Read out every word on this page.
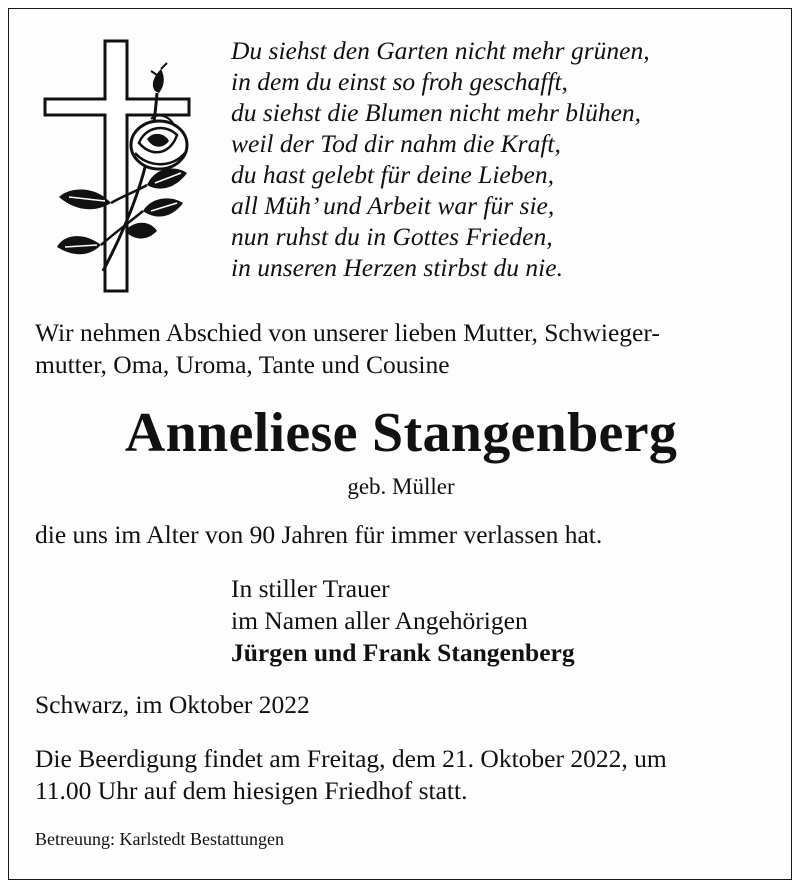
Du siehst den Garten nicht mehr grünen,
in dem du einst so froh geschafft,
du siehst die Blumen nicht mehr blühen,
weil der Tod dir nahm die Kraft,
du hast gelebt für deine Lieben,
all Müh’ und Arbeit war für sie,
nun ruhst du in Gottes Frieden,
in unseren Herzen stirbst du nie.
Wir nehmen Abschied von unserer lieben Mutter, Schwieger-
mutter, Oma, Uroma, Tante und Cousine
Anneliese Stangenberg
geb. Müller
die uns im Alter von 90 Jahren für immer verlassen hat.
In stiller Trauer
im Namen aller Angehörigen
Jürgen und Frank Stangenberg
Schwarz, im Oktober 2022
Die Beerdigung findet am Freitag, dem 21. Oktober 2022, um
11.00 Uhr auf dem hiesigen Friedhof statt.
Betreuung: Karlstedt Bestattungen
